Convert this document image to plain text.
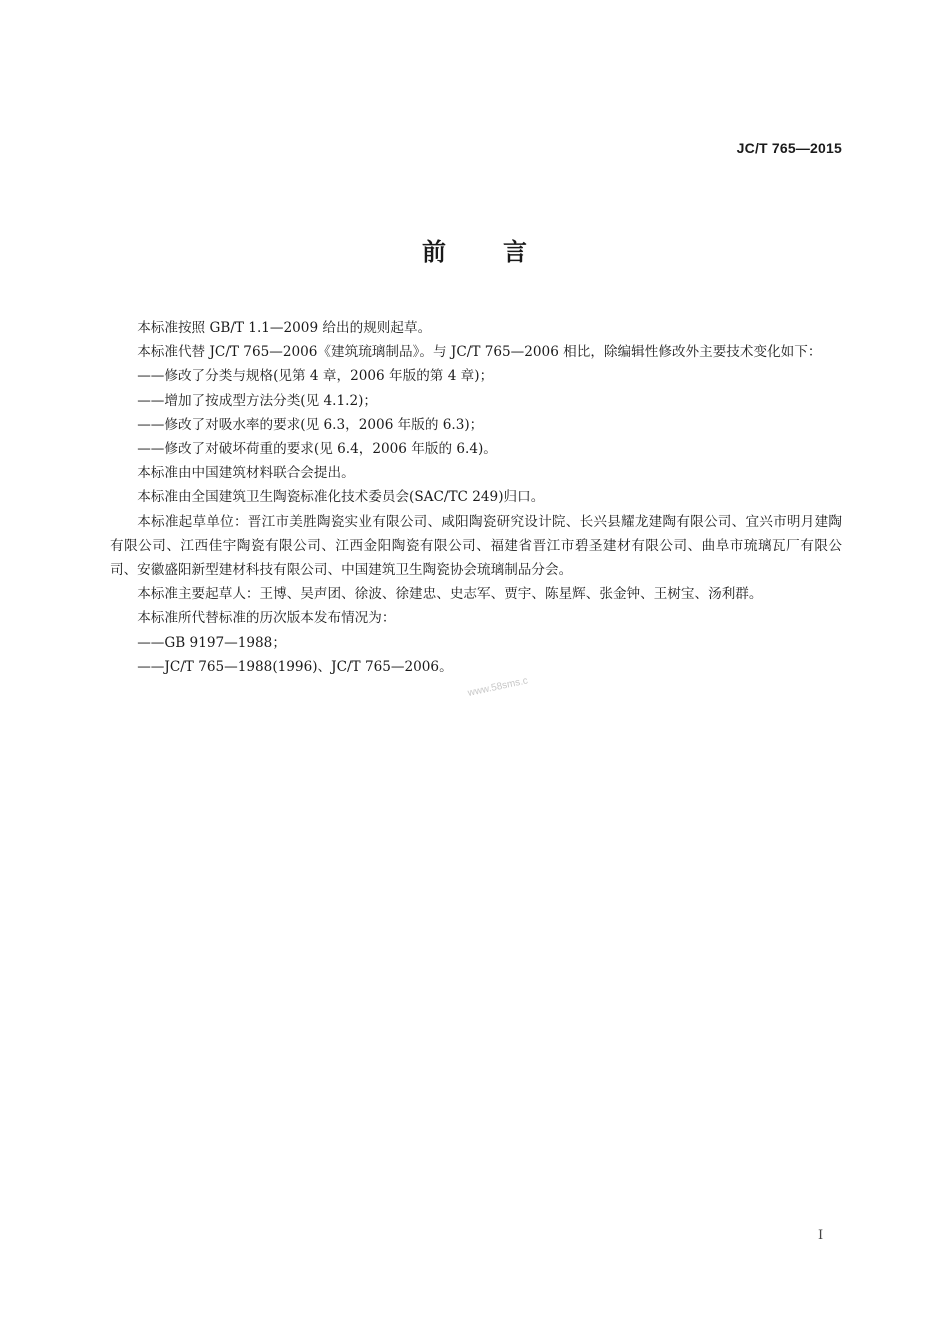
JC/T 765—2015
前 言

本标准按照 GB/T 1.1—2009 给出的规则起草。

本标准代替 JC/T 765—2006《建筑琉璃制品》。与 JC/T 765—2006 相比，除编辑性修改外主要技术变化如下：

——修改了分类与规格(见第 4 章，2006 年版的第 4 章)；

——增加了按成型方法分类(见 4.1.2)；

——修改了对吸水率的要求(见 6.3，2006 年版的 6.3)；

——修改了对破坏荷重的要求(见 6.4，2006 年版的 6.4)。

本标准由中国建筑材料联合会提出。

本标准由全国建筑卫生陶瓷标准化技术委员会(SAC/TC 249)归口。

本标准起草单位：晋江市美胜陶瓷实业有限公司、咸阳陶瓷研究设计院、长兴县耀龙建陶有限公司、宜兴市明月建陶有限公司、江西佳宇陶瓷有限公司、江西金阳陶瓷有限公司、福建省晋江市碧圣建材有限公司、曲阜市琉璃瓦厂有限公司、安徽盛阳新型建材科技有限公司、中国建筑卫生陶瓷协会琉璃制品分会。

本标准主要起草人：王博、吴声团、徐波、徐建忠、史志军、贾宇、陈星辉、张金钟、王树宝、汤利群。

本标准所代替标准的历次版本发布情况为：

——GB 9197—1988；

——JC/T 765—1988(1996)、JC/T 765—2006。

www.58sms.c
I
